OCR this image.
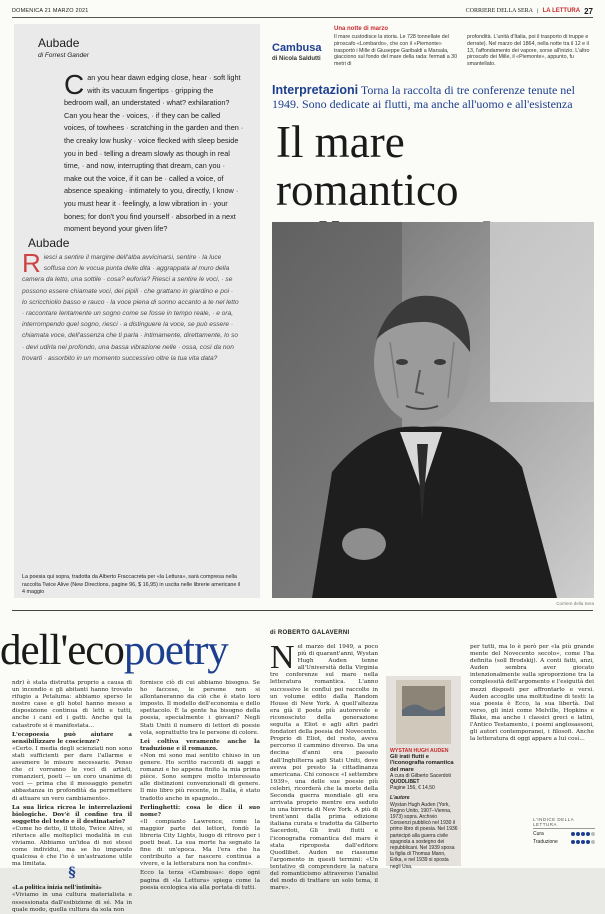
DOMENICA 21 MARZO 2021	CORRIERE DELLA SERA | LA LETTURA 27
Aubade
di Forrest Gander
Aubade
Can you hear dawn edging close, hear · soft light with its vacuum fingertips · gripping the bedroom wall, an understated · what? exhilaration? Can you hear the · voices, · if they can be called voices, of towhees · scratching in the garden and then · the creaky low husky · voice flecked with sleep beside you in bed · telling a dream slowly as though in real time, · and now, interrupting that dream, can you · make out the voice, if it can be · called a voice, of absence speaking · intimately to you, directly, I know · you must hear it · feelingly, a low vibration in · your bones; for don't you find yourself · absorbed in a next moment beyond your given life?
Riesci a sentire il margine dell'alba avvicinarsi, sentire · la luce soffusa con le vocua punta delle dita · aggrappata al muro della camera da letto, una sottile · cosa? euforia? Riesci a sentire le voci, · se possono essere chiamate voci, dei pipili · che grattano in giardino e poi · lo scricchiolio basso e rauco · la voce piena di sonno accanto a te nel letto · raccontare lentamente un sogno come se fosse in tempo reale, · e ora, interrompendo quel sogno, riesci · a distinguere la voce, se può essere · chiamata voce, dell'assenza che ti parla · intimamente, direttamente, lo so · devi udirla nei profondo, una bassa vibrazione nelle · ossa, così da non trovarti · assorbito in un momento successivo oltre la tua vita data?
La poesia qui sopra, tradotta da Alberto Fraccacreta per «la Lettura», sarà compresa nella raccolta Twice Alive (New Directions, pagine 96, $ 16,95) in uscita nelle librerie americane il 4 maggio
Cambusa
di Nicola Saldutti
Una notte di marzo
Il mare custodisce la storia. Le 728 tonnellate del piroscafo «Lombardo», che con il «Piemonte» trasportò i Mille di Giuseppe Garibaldi a Marsala, giacciono sul fondo del mare della rada: fermati a 30 metri di
profondità. L'unità d'Italia, poi il trasporto di truppe e derrate). Nel marzo del 1864, nella notte tra il 12 e il 13, l'affondamento dei vapore, sorse all'inizio. L'altro piroscafo dei Mille, il «Piemonte», appunto, fu smantellato.
Interpretazioni Torna la raccolta di tre conferenze tenute nel 1949. Sono dedicate ai flutti, ma anche all'uomo e all'esistenza
Il mare romantico
Corriere della Sera
dell'ecopoetry	di ROBERTO GALAVERNI
ndr) è stata distrutta proprio a causa di un incendio e gli abitanti hanno trovato rifugio a Petaluma: abbiamo sperso le nostre case e gli hotel hanno messo a disposizione continua di letti e tutti, anche i cani ed i gatti. Anche qui la catastrofe si è manifestata...
L'ecopoesia può aiutare a sensibilizzare le coscienze?
«Certo. I media degli scienziati non sono stati sufficienti per dare l'allarme e assumere le misure necessarie. Penso che ci vorranno le voci di artisti, romanzieri, poeti — un coro unanime di voci — prima che il messaggio penetri abbastanza in profondità da permettere di attuare un vero cambiamento».
La sua lirica ricrea le interrelazioni biologiche. Dov'è il confine tra il soggetto del testo e il destinatario?
«Come ho detto, il titolo, Twice Alive, si riferisce alle molteplici modalità in cui viviamo. Abbiamo un'idea di noi stessi come individui, ma se ho imparato qualcosa è che l'io è un'astrazione utile ma limitata.
§
«La politica inizia nell'intimità»
«Viviamo in una cultura materialista e ossessionata dall'esibizione di sé. Ma in quale modo, quella cultura da sola non
fornisce ciò di cui abbiamo bisogno. Se ho faccese, le persone non si allontaneranno da ciò che è stato loro imposto. Il modello dell'economia e dello spettacolo. È la gente ha bisogno della poesia, specialmente i giovani? Negli Stati Uniti il numero di lettori di poesie vola, soprattutto tra le persone di colore.
Lei coltiva veramente anche la traduzione e il romanzo.
«Non mi sono mai sentito chiuso in un genere. Ho scritto racconti di saggi e romanzi e ho appena finito la mia prima pièce. Sono sempre molto interessato alle distinzioni convenzionali di genere. Il mio libro più recente, in Italia, è stato tradotto anche in spagnolo...
Ferlinghetti: cosa le dice il suo nome?
«Il compianto Lawrence, come la maggior parte dei lettori, fondò la libreria City Lights, luogo di ritrovo per i poeti beat. La sua morte ha segnato la fine di un'epoca. Ma l'era che ha contribuito a far nascere continua a vivere, e la letteratura non ha confini».
Ecco la terza «Cambusa»: dopo ogni pagina di «la Lettura» spiega come la poesia ecologica sia alla portata di tutti.
Nel marzo del 1949, a poco più di quarant'anni, Wystan Hugh Auden tenne all'Università della Virginia tre conferenze sul mare nella letteratura romantica. L'anno successivo le confluì poi raccolte in un volume edito dalla Random House di New York. A quell'altezza era già il poeta più autorevole e riconosciuto della generazione seguita a Eliot e agli altri padri fondatori della poesia del Novecento. Proprio di Eliot, del resto, aveva percorso il cammino diverso. Da una decina d'anni era passato dall'Inghilterra agli Stati Uniti, dove aveva poi presto la cittadinanza americana. Chi conosce «I settembre 1939», una delle sue poesie più celebri, ricorderà che la morte della Seconda guerra mondiale gli era arrivata proprio mentre era seduto in una birreria di New York. A più di trent'anni dalla prima edizione italiana curata e tradotta da Gilberto Sacerdoti, Gli irati flutti e l'iconografia romantica del mare è stata riproposta dall'editore Quodlibet. Auden ne riassume l'argomento in questi termini: «Un tentativo di comprendere la natura del romanticismo attraverso l'analisi del modo di trattare un solo tema, il mare».
WYSTAN HUGH AUDEN
Gli irati flutti e l'iconografia romantica del mare
A cura di Gilberto Sacerdoti
QUODLIBET
Pagine 156, € 14,50
L'autore
Wystan Hugh Auden (York, Regno Unito, 1907–Vienna, 1973) sopra. Archivio Consenzi pubblicò nel 1930 il primo libro di poesia. Nel 1936 partecipò alla guerra civile spagnola a sostegno dei repubblicani. Nel 1939 sposa la figlia di Thomas Mann, Erika, e nel 1939 si sposta negli Usa.
per tutti, ma lo è però per «la più grande mente del Novecento secolo», come l'ha definita (soll Brodskij). A conti fatti, anzi, Auden sembra aver giocato intenzionalmente sulla sproporzione tra la complessità dell'argomento e l'esiguità dei mezzi disposti per affrontarlo e versi. Auden accoglie una moltitudine di testi: la sua poesia è Ecco, la sua libertà. Dal verso, gli inizi come Melville, Hopkins e Blake, ma anche i classici greci e latini, l'Antico Testamento, i poemi anglosassoni, gli autori contemporanei, i filosofi. Anche la letteratura di oggi appare a lui così...
L'INDICE DELLA LETTURA
Cura
Traduzione
